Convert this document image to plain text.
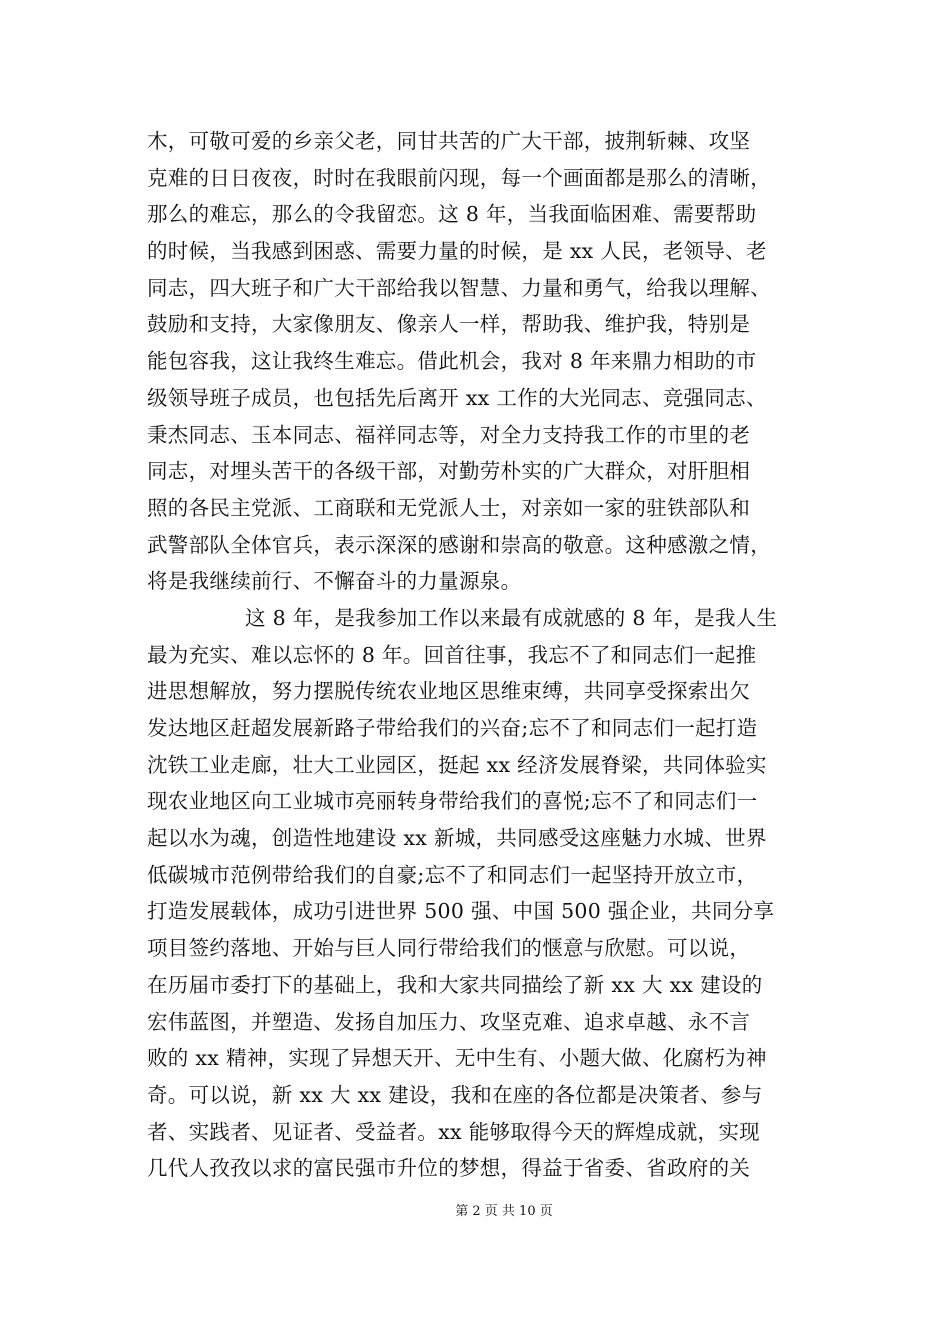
木，可敬可爱的乡亲父老，同甘共苦的广大干部，披荆斩棘、攻坚
克难的日日夜夜，时时在我眼前闪现，每一个画面都是那么的清晰，
那么的难忘，那么的令我留恋。这 8 年，当我面临困难、需要帮助
的时候，当我感到困惑、需要力量的时候，是 xx 人民，老领导、老
同志，四大班子和广大干部给我以智慧、力量和勇气，给我以理解、
鼓励和支持，大家像朋友、像亲人一样，帮助我、维护我，特别是
能包容我，这让我终生难忘。借此机会，我对 8 年来鼎力相助的市
级领导班子成员，也包括先后离开 xx 工作的大光同志、竞强同志、
秉杰同志、玉本同志、福祥同志等，对全力支持我工作的市里的老
同志，对埋头苦干的各级干部，对勤劳朴实的广大群众，对肝胆相
照的各民主党派、工商联和无党派人士，对亲如一家的驻铁部队和
武警部队全体官兵，表示深深的感谢和崇高的敬意。这种感激之情，
将是我继续前行、不懈奋斗的力量源泉。
这 8 年，是我参加工作以来最有成就感的 8 年，是我人生
最为充实、难以忘怀的 8 年。回首往事，我忘不了和同志们一起推
进思想解放，努力摆脱传统农业地区思维束缚，共同享受探索出欠
发达地区赶超发展新路子带给我们的兴奋;忘不了和同志们一起打造
沈铁工业走廊，壮大工业园区，挺起 xx 经济发展脊梁，共同体验实
现农业地区向工业城市亮丽转身带给我们的喜悦;忘不了和同志们一
起以水为魂，创造性地建设 xx 新城，共同感受这座魅力水城、世界
低碳城市范例带给我们的自豪;忘不了和同志们一起坚持开放立市，
打造发展载体，成功引进世界 500 强、中国 500 强企业，共同分享
项目签约落地、开始与巨人同行带给我们的惬意与欣慰。可以说，
在历届市委打下的基础上，我和大家共同描绘了新 xx 大 xx 建设的
宏伟蓝图，并塑造、发扬自加压力、攻坚克难、追求卓越、永不言
败的 xx 精神，实现了异想天开、无中生有、小题大做、化腐朽为神
奇。可以说，新 xx 大 xx 建设，我和在座的各位都是决策者、参与
者、实践者、见证者、受益者。xx 能够取得今天的辉煌成就，实现
几代人孜孜以求的富民强市升位的梦想，得益于省委、省政府的关
第 2 页 共 10 页
